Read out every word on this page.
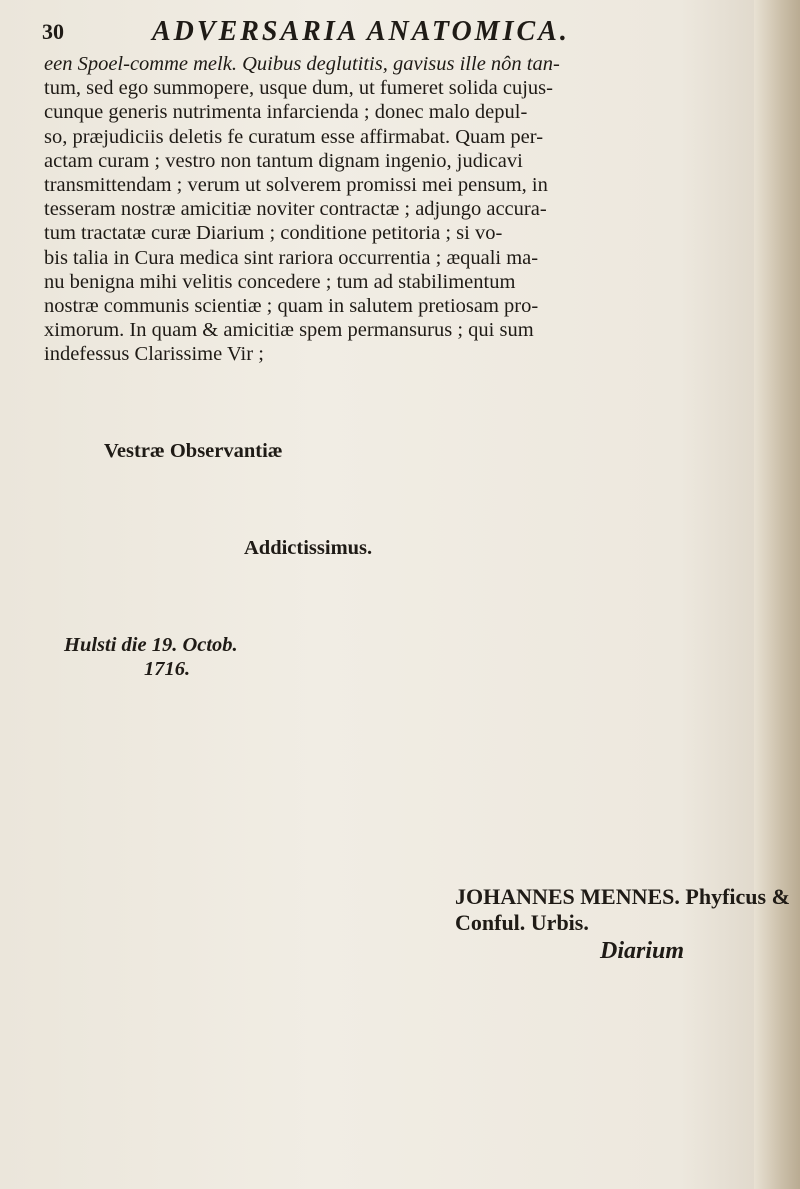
30	ADVERSARIA ANATOMICA.
een Spoel-comme melk. Quibus deglutitis, gavisus ille nôn tan-
tum, sed ego summopere, usque dum, ut fumeret solida cujus-
cunque generis nutrimenta infarcienda ; donec malo depul-
so, præjudiciis deletis fe curatum esse affirmabat. Quam per-
actam curam ; vestro non tantum dignam ingenio, judicavi
transmittendam ; verum ut solverem promissi mei pensum, in
tesseram nostræ amicitiæ noviter contractæ ; adjungo accura-
tum tractatæ curæ Diarium ; conditione petitoria ; si vo-
bis talia in Cura medica sint rariora occurrentia ; æquali ma-
nu benigna mihi velitis concedere ; tum ad stabilimentum
nostræ communis scientiæ ; quam in salutem pretiosam pro-
ximorum. In quam & amicitiæ spem permansurus ; qui sum
indefessus Clarissime Vir ;

Vestræ Observantiæ

Addictissimus.

Hulsti die 19. Octob.
1716.

JOHANNES MENNES. Phyficus & Conful. Urbis.
Diarium
